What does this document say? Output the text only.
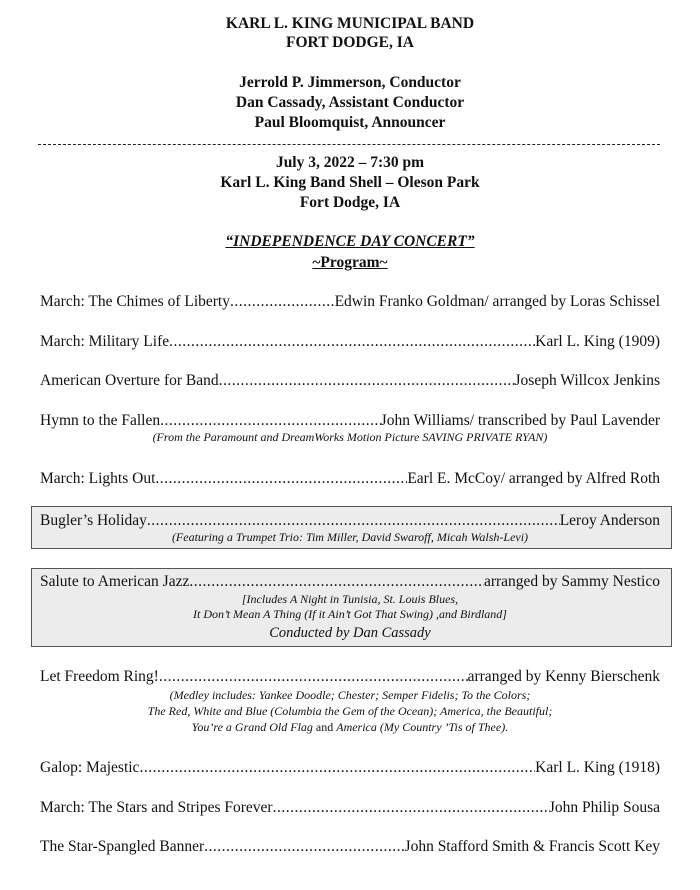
KARL L. KING MUNICIPAL BAND
FORT DODGE, IA
Jerrold P. Jimmerson, Conductor
Dan Cassady, Assistant Conductor
Paul Bloomquist, Announcer
July 3, 2022 – 7:30 pm
Karl L. King Band Shell – Oleson Park
Fort Dodge, IA
“INDEPENDENCE DAY CONCERT”
~Program~
March: The Chimes of Liberty .....	Edwin Franko Goldman/ arranged by Loras Schissel
March: Military Life .....	Karl L. King (1909)
American Overture for Band .....	Joseph Willcox Jenkins
Hymn to the Fallen .....	John Williams/ transcribed by Paul Lavender
(From the Paramount and DreamWorks Motion Picture SAVING PRIVATE RYAN)
March: Lights Out .....	Earl E. McCoy/ arranged by Alfred Roth
Bugler’s Holiday .....	Leroy Anderson
(Featuring a Trumpet Trio: Tim Miller, David Swaroff, Micah Walsh-Levi)
Salute to American Jazz .....	arranged by Sammy Nestico
[Includes A Night in Tunisia, St. Louis Blues,
It Don’t Mean A Thing (If it Ain’t Got That Swing) ,and Birdland]
Conducted by Dan Cassady
Let Freedom Ring! .....	arranged by Kenny Bierschenk
(Medley includes: Yankee Doodle; Chester; Semper Fidelis; To the Colors;
The Red, White and Blue (Columbia the Gem of the Ocean); America, the Beautiful;
You’re a Grand Old Flag and America (My Country ’Tis of Thee).
Galop: Majestic .....	Karl L. King (1918)
March: The Stars and Stripes Forever .....	John Philip Sousa
The Star-Spangled Banner .....	John Stafford Smith & Francis Scott Key
